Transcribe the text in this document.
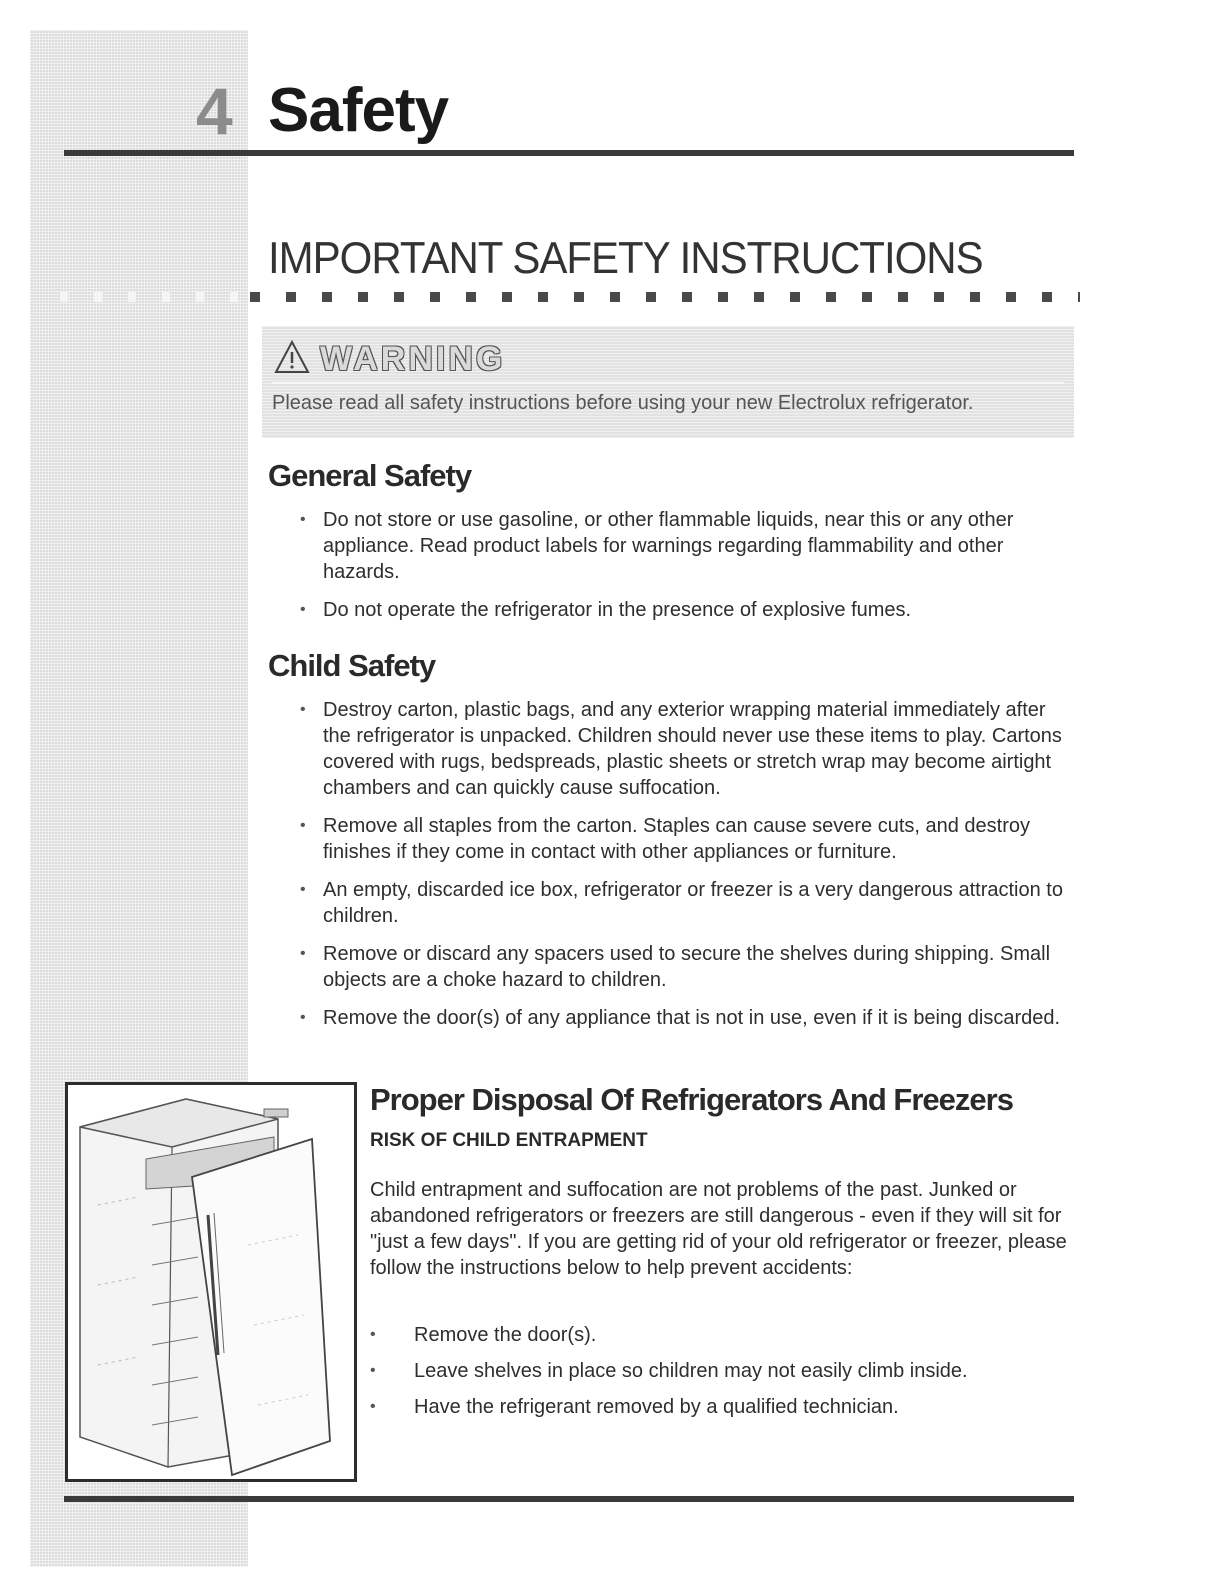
4 Safety
IMPORTANT SAFETY INSTRUCTIONS
WARNING
Please read all safety instructions before using your new Electrolux refrigerator.
General Safety
• Do not store or use gasoline, or other flammable liquids, near this or any other appliance. Read product labels for warnings regarding flammability and other hazards.
• Do not operate the refrigerator in the presence of explosive fumes.
Child Safety
• Destroy carton, plastic bags, and any exterior wrapping material immediately after the refrigerator is unpacked. Children should never use these items to play. Cartons covered with rugs, bedspreads, plastic sheets or stretch wrap may become airtight chambers and can quickly cause suffocation.
• Remove all staples from the carton. Staples can cause severe cuts, and destroy finishes if they come in contact with other appliances or furniture.
• An empty, discarded ice box, refrigerator or freezer is a very dangerous attraction to children.
• Remove or discard any spacers used to secure the shelves during shipping. Small objects are a choke hazard to children.
• Remove the door(s) of any appliance that is not in use, even if it is being discarded.
Proper Disposal Of Refrigerators And Freezers
RISK OF CHILD ENTRAPMENT

Child entrapment and suffocation are not problems of the past. Junked or abandoned refrigerators or freezers are still dangerous - even if they will sit for "just a few days". If you are getting rid of your old refrigerator or freezer, please follow the instructions below to help prevent accidents:

• Remove the door(s).
• Leave shelves in place so children may not easily climb inside.
• Have the refrigerant removed by a qualified technician.
